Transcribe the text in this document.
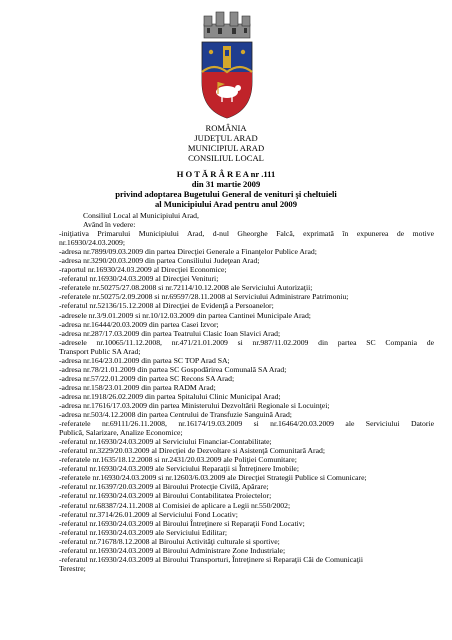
ROMÂNIA
JUDEŢUL ARAD
MUNICIPIUL ARAD
CONSILIUL LOCAL
H O T Ă R Â R E A nr .111
din 31 martie 2009
privind adoptarea Bugetului General de venituri şi cheltuieli
al Municipiului Arad pentru anul 2009
Consiliul Local al Municipiului Arad,
Având în vedere:
-iniţiativa Primarului Municipiului Arad, d-nul Gheorghe Falcă, exprimată în expunerea de motive
nr.16930/24.03.2009;
-adresa nr.7899/09.03.2009 din partea Direcţiei Generale a Finanţelor Publice Arad;
-adresa nr.3290/20.03.2009 din partea Consiliului Judeţean Arad;
-raportul nr.16930/24.03.2009 al Direcţiei Economice;
-referatul nr.16930/24.03.2009 al Direcţiei Venituri;
-referatele nr.50275/27.08.2008 si nr.72114/10.12.2008 ale Serviciului Autorizaţii;
-referatele nr.50275/2.09.2008 si nr.69597/28.11.2008 al Serviciului Administrare Patrimoniu;
-referatul nr.52136/15.12.2008 al Direcţiei de Evidenţă a Persoanelor;
-adresele nr.3/9.01.2009 si nr.10/12.03.2009 din partea Cantinei Municipale Arad;
-adresa nr.16444/20.03.2009 din partea Casei Izvor;
-adresa nr.287/17.03.2009 din partea Teatrului Clasic Ioan Slavici Arad;
-adresele nr.10065/11.12.2008, nr.471/21.01.2009 si nr.987/11.02.2009 din partea SC Compania de
Transport Public SA Arad;
-adresa nr.164/23.01.2009 din partea SC TOP Arad SA;
-adresa nr.78/21.01.2009 din partea SC Gospodărirea Comunală SA Arad;
-adresa nr.57/22.01.2009 din partea SC Recons SA Arad;
-adresa nr.158/23.01.2009 din partea RADM Arad;
-adresa nr.1918/26.02.2009 din partea Spitalului Clinic Municipal Arad;
-adresa nr.17616/17.03.2009 din partea Ministerului Dezvoltării Regionale si Locuinţei;
-adresa nr.503/4.12.2008 din partea Centrului de Transfuzie Sanguină Arad;
-referatele nr.69111/26.11.2008, nr.16174/19.03.2009 si nr.16464/20.03.2009 ale Serviciului Datorie
Publică, Salarizare, Analize Economice;
-referatul nr.16930/24.03.2009 al Serviciului Financiar-Contabilitate;
-referatul nr.3229/20.03.2009 al Direcţiei de Dezvoltare si Asistenţă Comunitară Arad;
-referatele nr.1635/18.12.2008 si nr.2431/20.03.2009 ale Poliţiei Comunitare;
-referatul nr.16930/24.03.2009 ale Serviciului Reparaţii si Întreţinere Imobile;
-referatele nr.16930/24.03.2009 si nr.12603/6.03.2009 ale Direcţiei Strategii Publice si Comunicare;
-referatul nr.16397/20.03.2009 al Biroului Protecţie Civilă, Apărare;
-referatul nr.16930/24.03.2009 al Biroului Contabilitatea Proiectelor;
-referatul nr.68387/24.11.2008 al Comisiei de aplicare a Legii nr.550/2002;
-referatul nr.3714/26.01.2009 al Serviciului Fond Locativ;
-referatul nr.16930/24.03.2009 al Biroului Întreţinere si Reparaţii Fond Locativ;
-referatul nr.16930/24.03.2009 ale Serviciului Edilitar;
-referatul nr.71678/8.12.2008 al Biroului Activităţi culturale si sportive;
-referatul nr.16930/24.03.2009 al Biroului Administrare Zone Industriale;
-referatul nr.16930/24.03.2009 al Biroului Transporturi, Întreţinere si Reparaţii Căi de Comunicaţii
Terestre;
